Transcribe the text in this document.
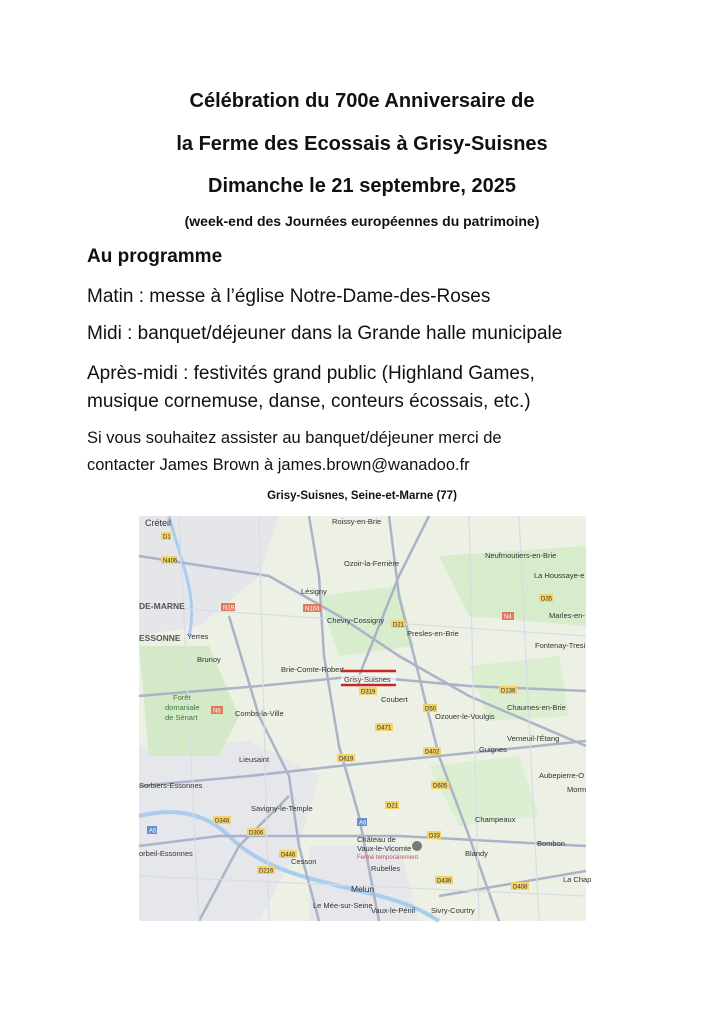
Célébration du 700e Anniversaire de
la Ferme des Ecossais à Grisy-Suisnes
Dimanche le 21 septembre, 2025
(week-end des Journées européennes du patrimoine)
Au programme
Matin : messe à l’église Notre-Dame-des-Roses
Midi : banquet/déjeuner dans la Grande halle municipale
Après-midi : festivités grand public (Highland Games,
musique cornemuse, danse, conteurs écossais, etc.)
Si vous souhaitez assister au banquet/déjeuner merci de
contacter James Brown à james.brown@wanadoo.fr
Grisy-Suisnes, Seine-et-Marne (77)
N406
D1
N19	N104
D21
N4
D471
D619
D402
D35
D319
D50
A5
A6
D306
D605
D408
D346
D446
D216
D436
D21
N6
D136
D33
Créteil	Roissy-en-Brie
Ozoir-la-Ferrière
Neufmoutiers-en-Brie
La Houssaye-e
Marles-en-
Fontenay-Tresi
Lésigny
Chevry-Cossigny
Presles-en-Brie
DE-MARNE
ESSONNE Yerres
Brunoy
Brie-Comte-Robert
Coubert
Chaumes-en-Brie
Ozouer-le-Voulgis
Forêt
domaniale
de Sénart	Combs-la-Ville
Lieusaint
Verneuil-l'Étang
Guignes
Aubepierre-O
Savigny-le-Temple
Château de
Vaux-le-Vicomte
Fermé temporairement
Champeaux
Bombon
Blandy
Rubelles
Cesson
Melun
Le Mée-sur-Seine
Vaux-le-Pénil Sivry-Courtry
La Chap
Sorbiers-Essonnes	Morm
orbeil-Essonnes
Grisy-Suisnes
